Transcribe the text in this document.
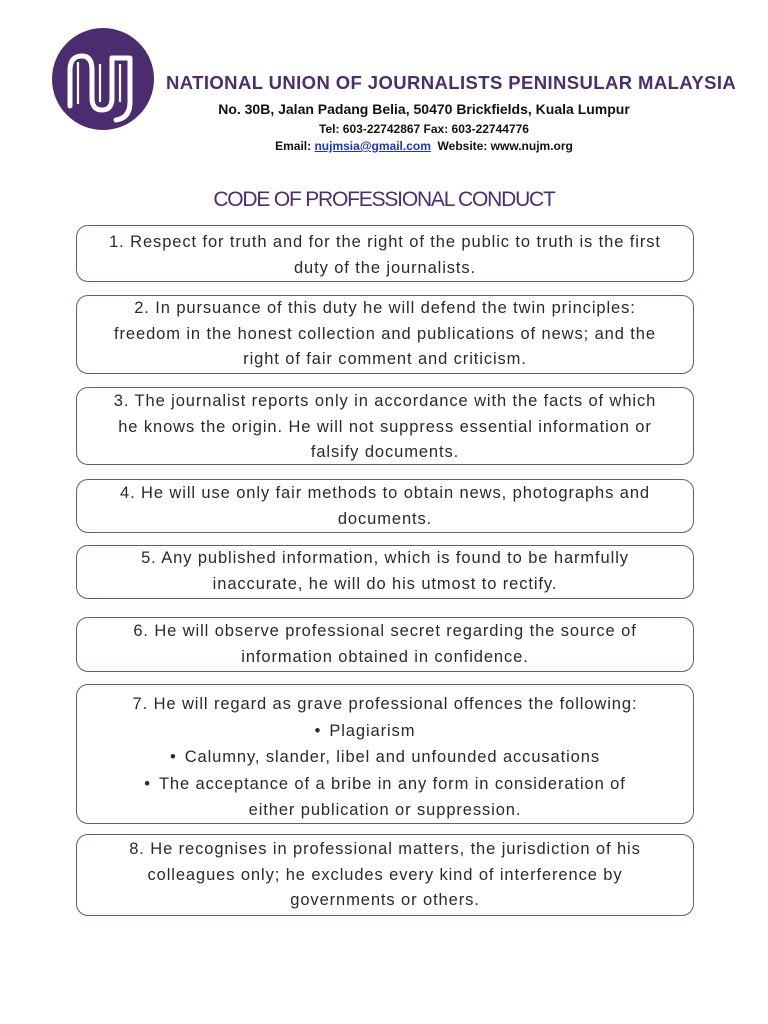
NATIONAL UNION OF JOURNALISTS PENINSULAR MALAYSIA
No. 30B, Jalan Padang Belia, 50470 Brickfields, Kuala Lumpur
Tel: 603-22742867 Fax: 603-22744776
Email: nujmsia@gmail.com Website: www.nujm.org
CODE OF PROFESSIONAL CONDUCT
1. Respect for truth and for the right of the public to truth is the first
duty of the journalists.
2. In pursuance of this duty he will defend the twin principles:
freedom in the honest collection and publications of news; and the
right of fair comment and criticism.
3. The journalist reports only in accordance with the facts of which
he knows the origin. He will not suppress essential information or
falsify documents.
4. He will use only fair methods to obtain news, photographs and
documents.
5. Any published information, which is found to be harmfully
inaccurate, he will do his utmost to rectify.
6. He will observe professional secret regarding the source of
information obtained in confidence.
7. He will regard as grave professional offences the following:
• Plagiarism
• Calumny, slander, libel and unfounded accusations
• The acceptance of a bribe in any form in consideration of
either publication or suppression.
8. He recognises in professional matters, the jurisdiction of his
colleagues only; he excludes every kind of interference by
governments or others.
